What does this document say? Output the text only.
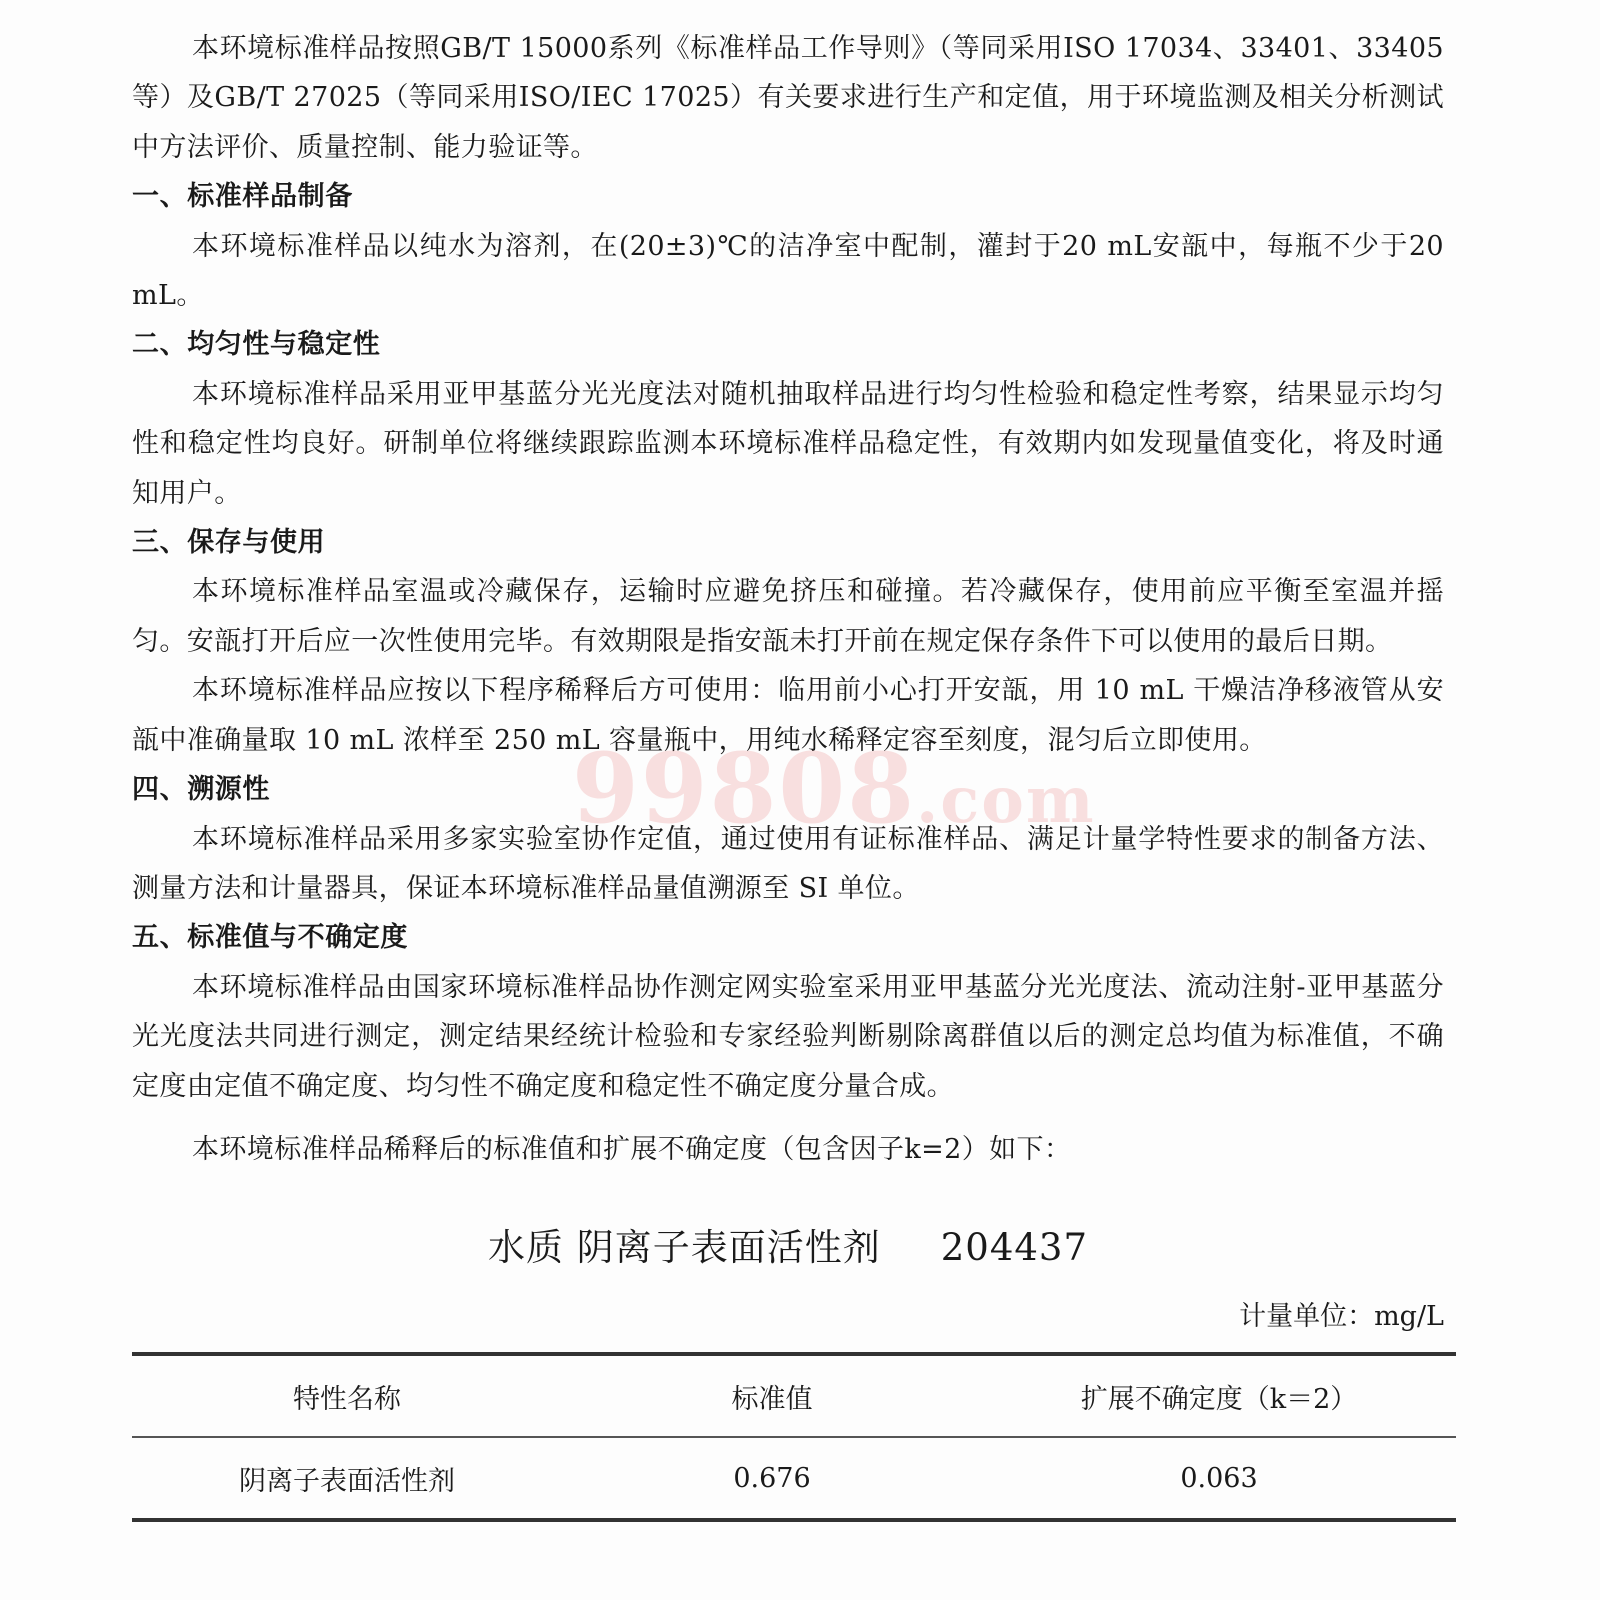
本环境标准样品按照GB/T 15000系列《标准样品工作导则》（等同采用ISO 17034、33401、33405等）及GB/T 27025（等同采用ISO/IEC 17025）有关要求进行生产和定值，用于环境监测及相关分析测试中方法评价、质量控制、能力验证等。

一、标准样品制备

本环境标准样品以纯水为溶剂，在(20±3)℃的洁净室中配制，灌封于20 mL安瓿中，每瓶不少于20 mL。

二、均匀性与稳定性

本环境标准样品采用亚甲基蓝分光光度法对随机抽取样品进行均匀性检验和稳定性考察，结果显示均匀性和稳定性均良好。研制单位将继续跟踪监测本环境标准样品稳定性，有效期内如发现量值变化，将及时通知用户。

三、保存与使用

本环境标准样品室温或冷藏保存，运输时应避免挤压和碰撞。若冷藏保存，使用前应平衡至室温并摇匀。安瓿打开后应一次性使用完毕。有效期限是指安瓿未打开前在规定保存条件下可以使用的最后日期。

本环境标准样品应按以下程序稀释后方可使用：临用前小心打开安瓿，用 10 mL 干燥洁净移液管从安瓿中准确量取 10 mL 浓样至 250 mL 容量瓶中，用纯水稀释定容至刻度，混匀后立即使用。

四、溯源性

本环境标准样品采用多家实验室协作定值，通过使用有证标准样品、满足计量学特性要求的制备方法、测量方法和计量器具，保证本环境标准样品量值溯源至 SI 单位。

五、标准值与不确定度

本环境标准样品由国家环境标准样品协作测定网实验室采用亚甲基蓝分光光度法、流动注射-亚甲基蓝分光光度法共同进行测定，测定结果经统计检验和专家经验判断剔除离群值以后的测定总均值为标准值，不确定度由定值不确定度、均匀性不确定度和稳定性不确定度分量合成。

本环境标准样品稀释后的标准值和扩展不确定度（包含因子k=2）如下：

水质 阴离子表面活性剂 204437
计量单位：mg/L
特性名称	标准值	扩展不确定度（k＝2）
阴离子表面活性剂	0.676	0.063
99808.com
